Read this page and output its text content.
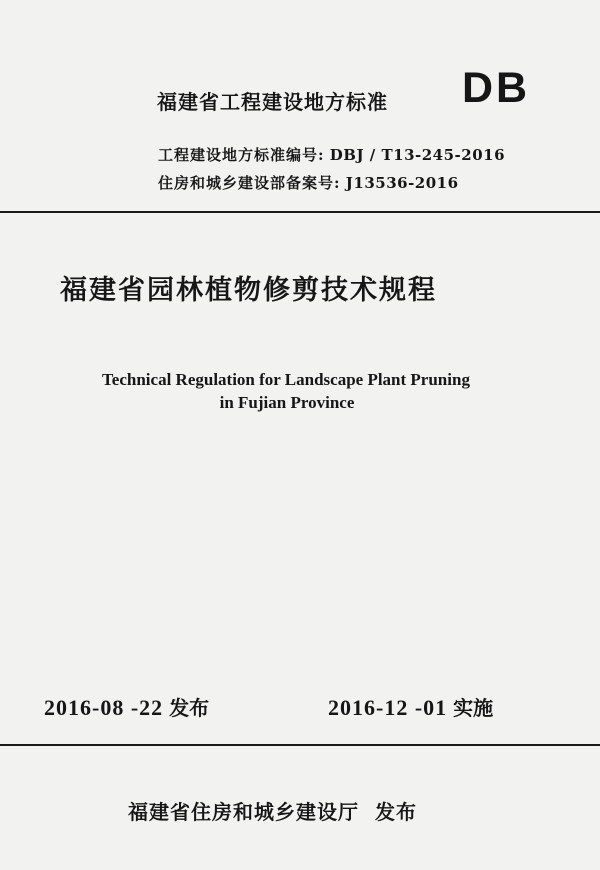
福建省工程建设地方标准 DB
工程建设地方标准编号: DBJ / T13-245-2016
住房和城乡建设部备案号: J13536-2016
福建省园林植物修剪技术规程
Technical Regulation for Landscape Plant Pruning
in Fujian Province
2016-08 -22 发布	2016-12 -01 实施
福建省住房和城乡建设厅 发布
